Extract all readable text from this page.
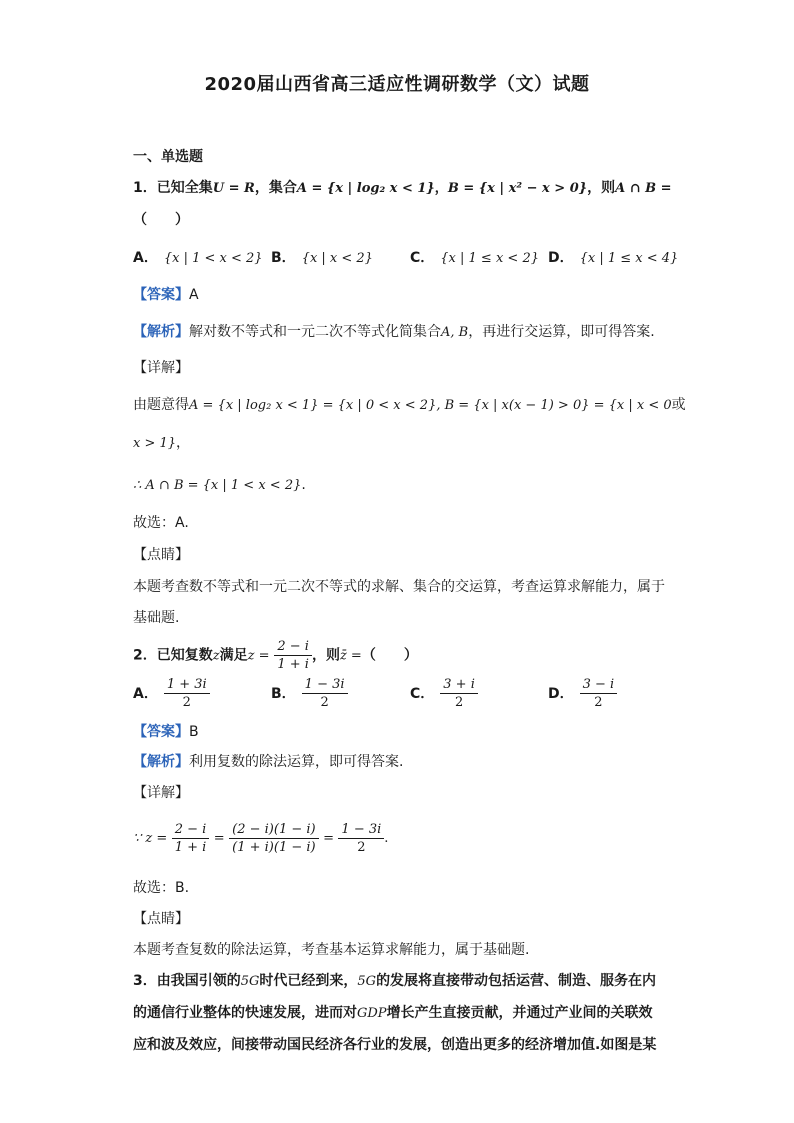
2020届山西省高三适应性调研数学（文）试题
一、单选题
1．已知全集U = R，集合A = {x | log₂ x < 1}，B = {x | x² − x > 0}，则A ∩ B =
（　　）
A． {x | 1 < x < 2} B． {x | x < 2}	C． {x | 1 ≤ x < 2} D． {x | 1 ≤ x < 4}
【答案】A
【解析】解对数不等式和一元二次不等式化简集合A, B，再进行交运算，即可得答案.
【详解】
由题意得A = {x | log₂ x < 1} = {x | 0 < x < 2}, B = {x | x(x − 1) > 0} = {x | x < 0或
x > 1}，
∴ A ∩ B = {x | 1 < x < 2}.
故选：A.
【点睛】
本题考查数不等式和一元二次不等式的求解、集合的交运算，考查运算求解能力，属于
基础题.
2．已知复数z满足$z = \frac{2 - i}{1 + i}$ ，则z̄ =（　　）
A． $\frac{1 + 3i}{2}$	B． $\frac{1 - 3i}{2}$	C． $\frac{3 + i}{2}$	D． $\frac{3 - i}{2}$
【答案】B
【解析】利用复数的除法运算，即可得答案.
【详解】
∵ $z = \frac{2 - i}{1 + i} = \frac{(2 - i)(1 - i)}{(1 + i)(1 - i)} = \frac{1 - 3i}{2}$ .
故选：B.
【点睛】
本题考查复数的除法运算，考查基本运算求解能力，属于基础题.
3．由我国引领的5G时代已经到来，5G的发展将直接带动包括运营、制造、服务在内
的通信行业整体的快速发展，进而对GDP增长产生直接贡献，并通过产业间的关联效
应和波及效应，间接带动国民经济各行业的发展，创造出更多的经济增加值.如图是某
